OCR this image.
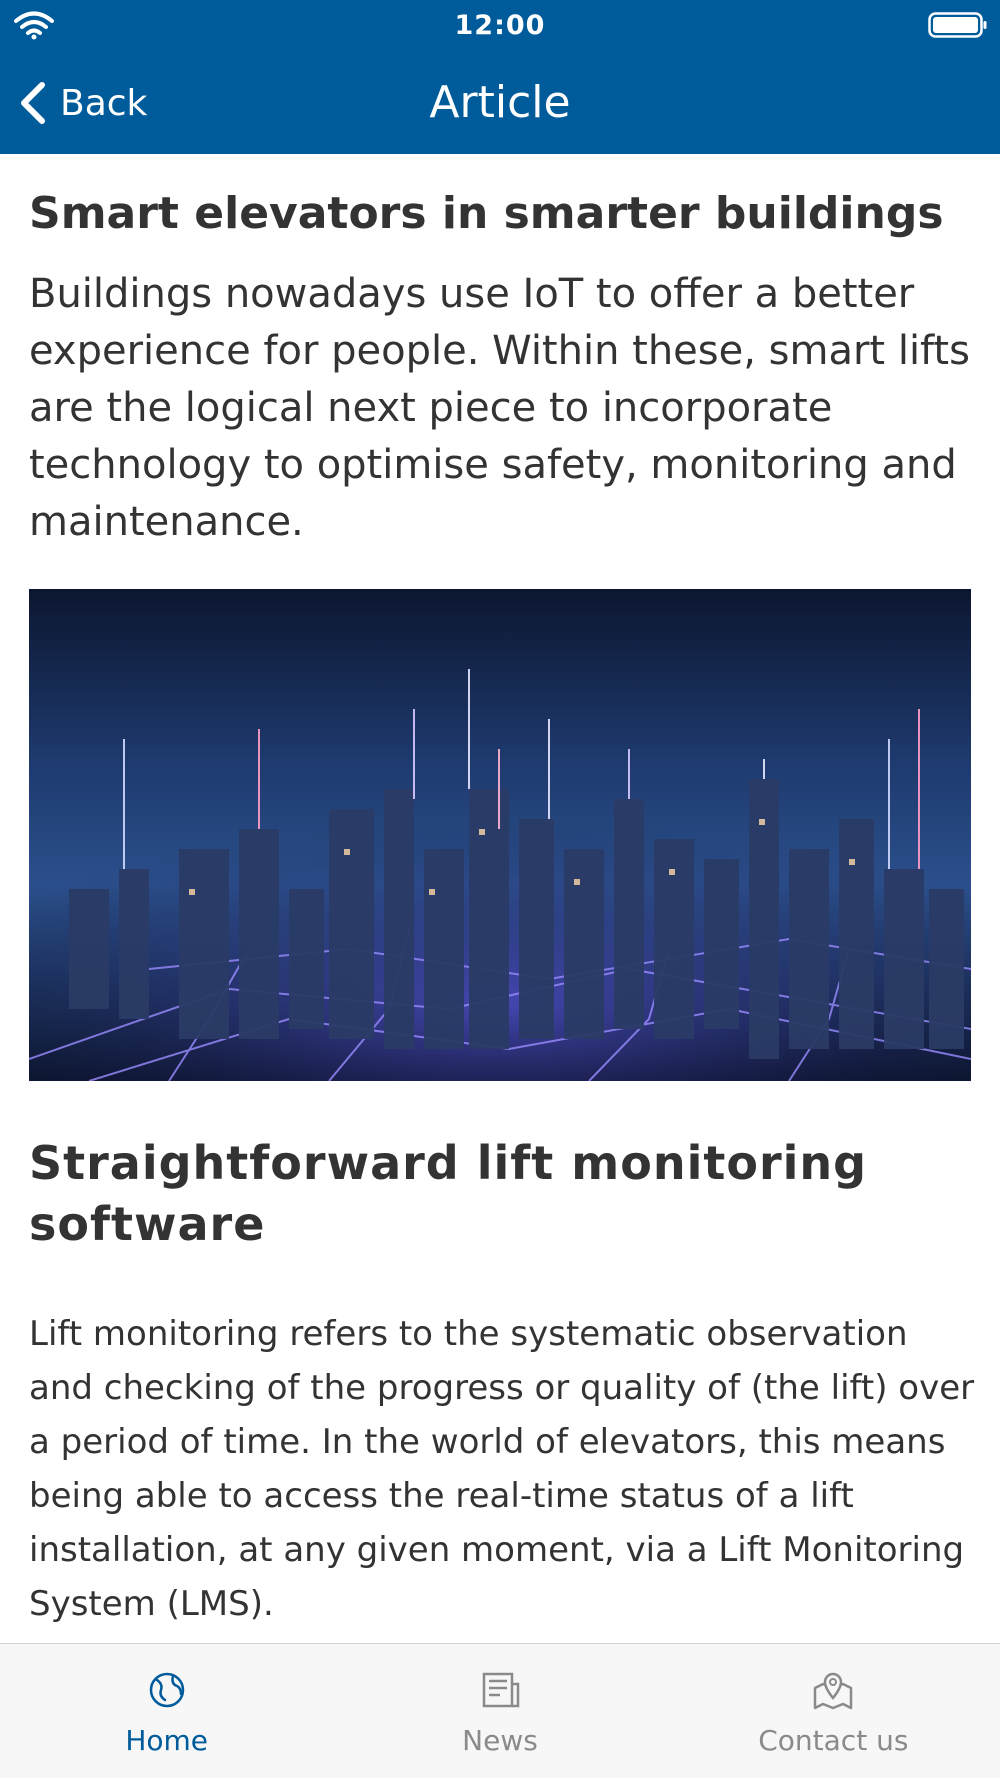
12:00
Back	Article
Smart elevators in smarter buildings

Buildings nowadays use IoT to offer a better experience for people. Within these, smart lifts are the logical next piece to incorporate technology to optimise safety, monitoring and maintenance.

Straightforward lift monitoring software

Lift monitoring refers to the systematic observation and checking of the progress or quality of (the lift) over a period of time. In the world of elevators, this means being able to access the real-time status of a lift installation, at any given moment, via a Lift Monitoring System (LMS).

Home	News	Contact us
